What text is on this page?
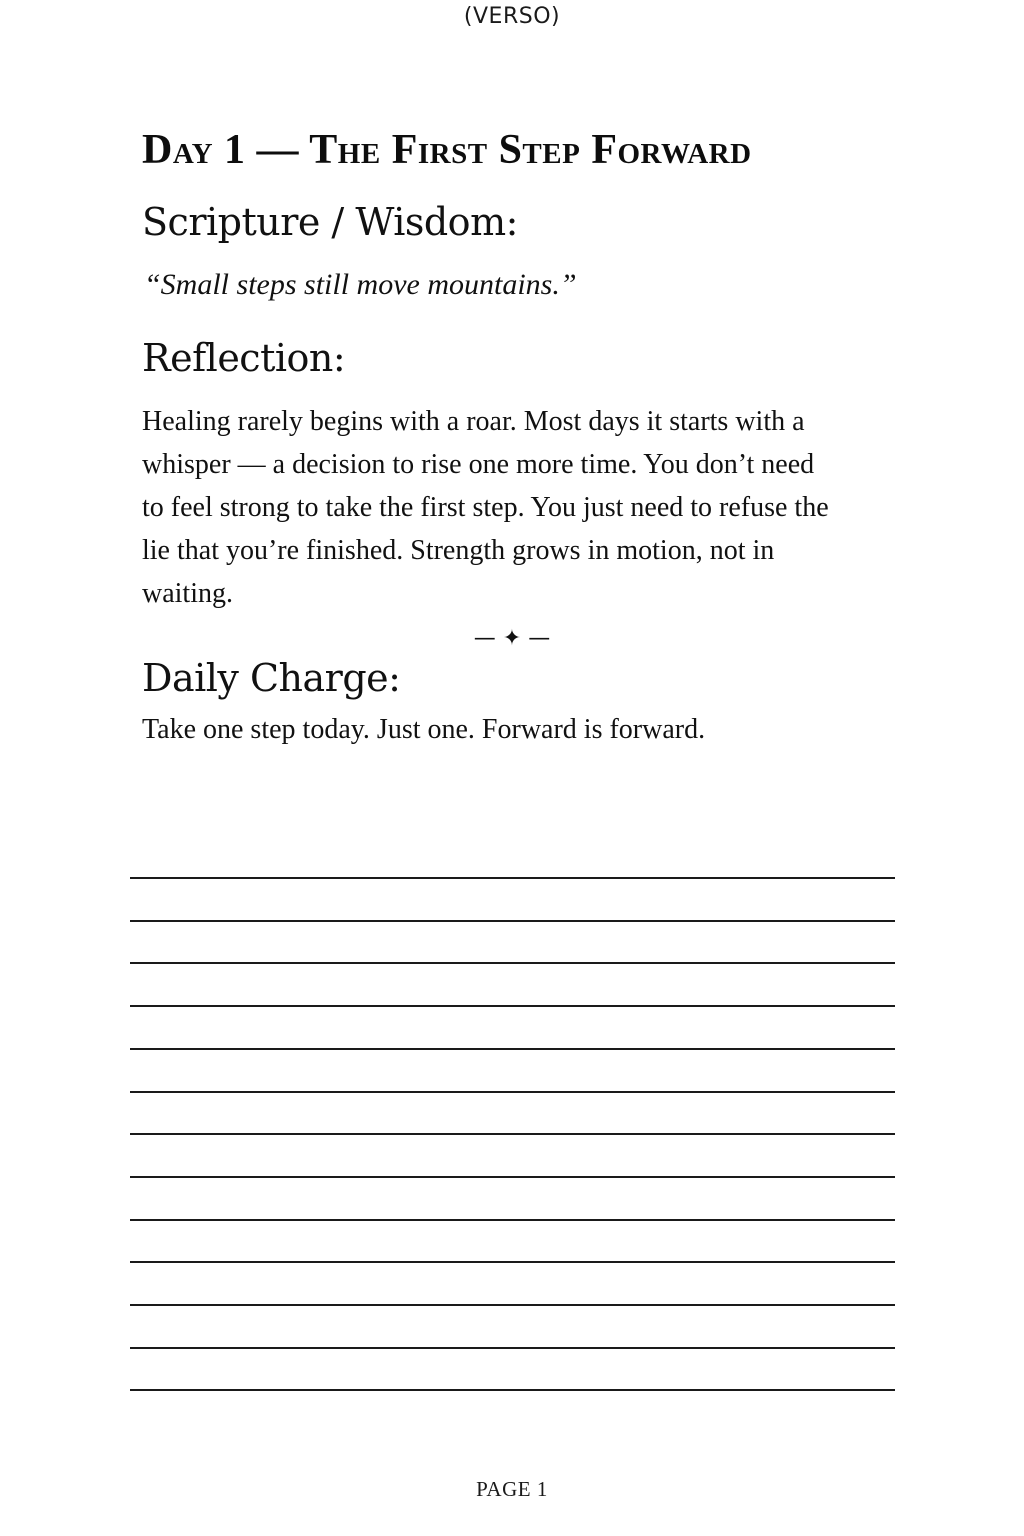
(VERSO)
Day 1 — The First Step Forward
Scripture / Wisdom:
“Small steps still move mountains.”
Reflection:
Healing rarely begins with a roar. Most days it starts with a
whisper — a decision to rise one more time. You don’t need
to feel strong to take the first step. You just need to refuse the
lie that you’re finished. Strength grows in motion, not in
waiting.
Daily Charge:
Take one step today. Just one. Forward is forward.
— ✦ —
PAGE 1
